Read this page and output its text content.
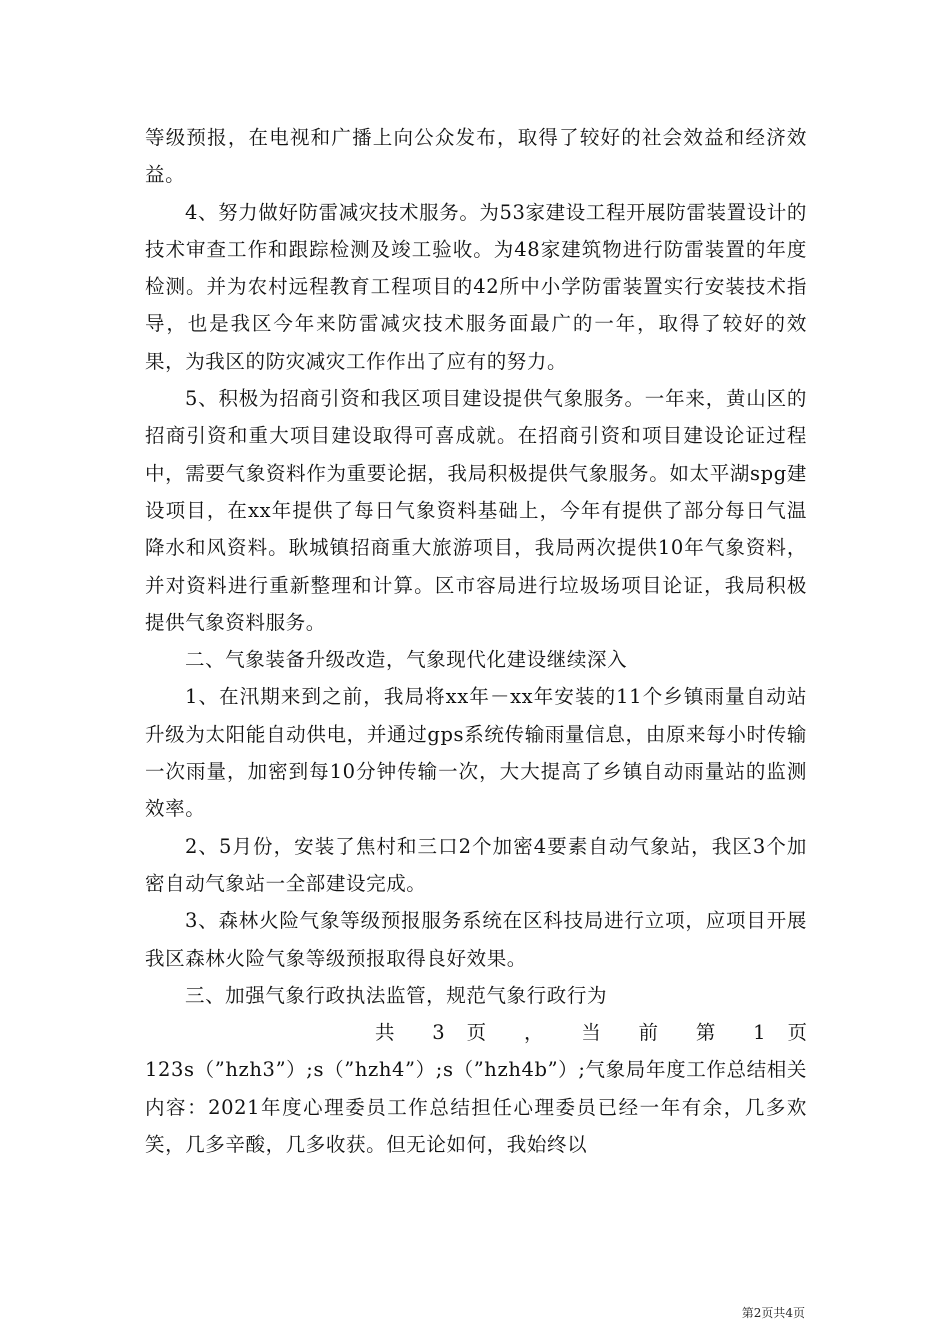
等级预报，在电视和广播上向公众发布，取得了较好的社会效益和经济效益。

4、努力做好防雷减灾技术服务。为53家建设工程开展防雷装置设计的技术审查工作和跟踪检测及竣工验收。为48家建筑物进行防雷装置的年度检测。并为农村远程教育工程项目的42所中小学防雷装置实行安装技术指导，也是我区今年来防雷减灾技术服务面最广的一年，取得了较好的效果，为我区的防灾减灾工作作出了应有的努力。

5、积极为招商引资和我区项目建设提供气象服务。一年来，黄山区的招商引资和重大项目建设取得可喜成就。在招商引资和项目建设论证过程中，需要气象资料作为重要论据，我局积极提供气象服务。如太平湖spg建设项目，在xx年提供了每日气象资料基础上，今年有提供了部分每日气温降水和风资料。耿城镇招商重大旅游项目，我局两次提供10年气象资料，并对资料进行重新整理和计算。区市容局进行垃圾场项目论证，我局积极提供气象资料服务。

二、气象装备升级改造，气象现代化建设继续深入

1、在汛期来到之前，我局将xx年－xx年安装的11个乡镇雨量自动站升级为太阳能自动供电，并通过gps系统传输雨量信息，由原来每小时传输一次雨量，加密到每10分钟传输一次，大大提高了乡镇自动雨量站的监测效率。

2、5月份，安装了焦村和三口2个加密4要素自动气象站，我区3个加密自动气象站一全部建设完成。

3、森林火险气象等级预报服务系统在区科技局进行立项，应项目开展我区森林火险气象等级预报取得良好效果。

三、加强气象行政执法监管，规范气象行政行为

共 3 页 ， 当 前 第 1 页

123s（”hzh3”）;s（”hzh4”）;s（”hzh4b”）;气象局年度工作总结相关内容：2021年度心理委员工作总结担任心理委员已经一年有余，几多欢笑，几多辛酸，几多收获。但无论如何，我始终以

第2页共4页
